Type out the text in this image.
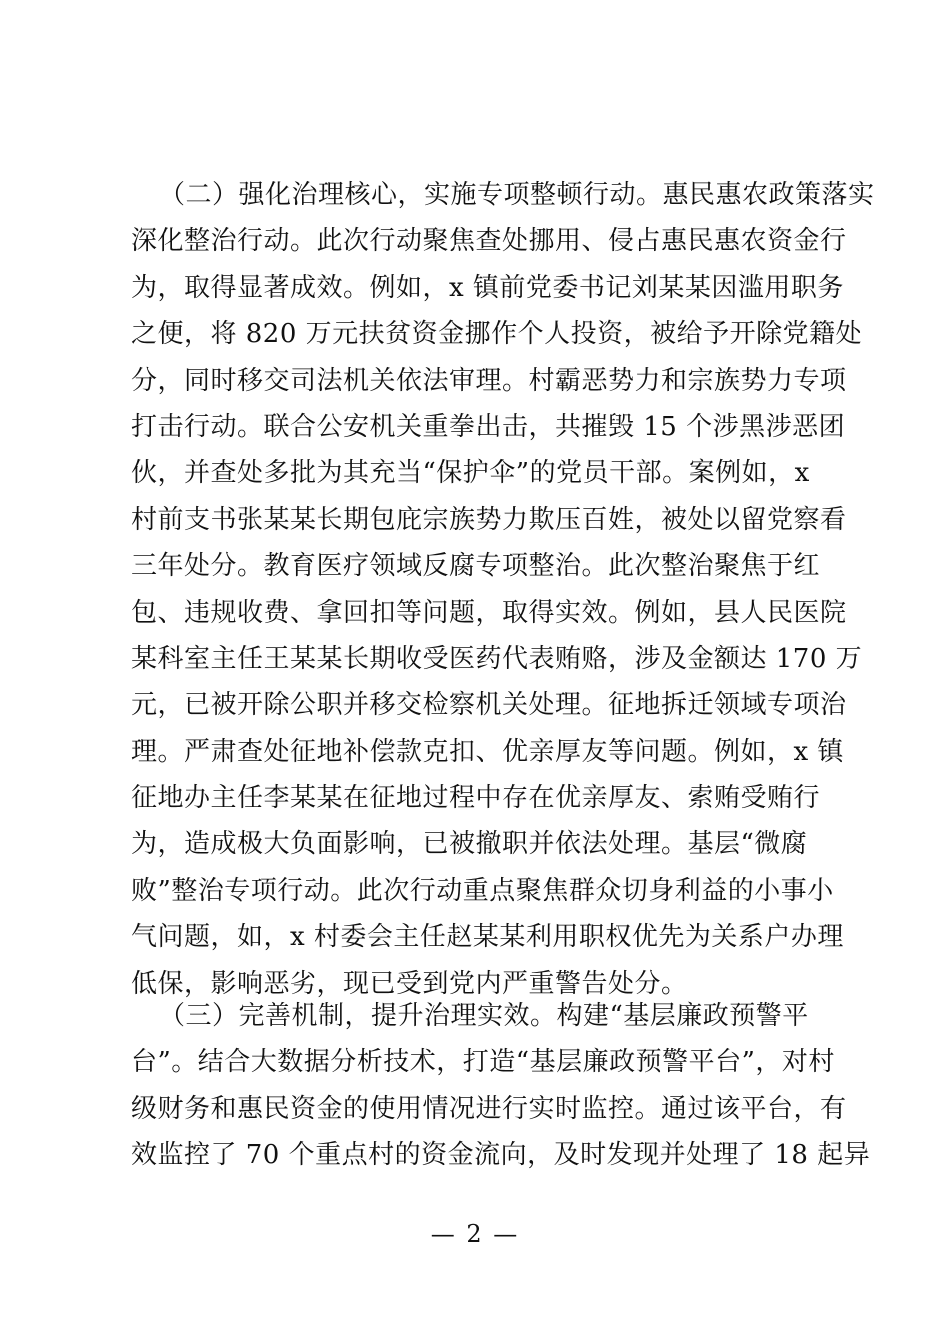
（二）强化治理核心，实施专项整顿行动。惠民惠农政策落实
深化整治行动。此次行动聚焦查处挪用、侵占惠民惠农资金行
为，取得显著成效。例如，x 镇前党委书记刘某某因滥用职务
之便，将 820 万元扶贫资金挪作个人投资，被给予开除党籍处
分，同时移交司法机关依法审理。村霸恶势力和宗族势力专项
打击行动。联合公安机关重拳出击，共摧毁 15 个涉黑涉恶团
伙，并查处多批为其充当“保护伞”的党员干部。案例如，x
村前支书张某某长期包庇宗族势力欺压百姓，被处以留党察看
三年处分。教育医疗领域反腐专项整治。此次整治聚焦于红
包、违规收费、拿回扣等问题，取得实效。例如，县人民医院
某科室主任王某某长期收受医药代表贿赂，涉及金额达 170 万
元，已被开除公职并移交检察机关处理。征地拆迁领域专项治
理。严肃查处征地补偿款克扣、优亲厚友等问题。例如，x 镇
征地办主任李某某在征地过程中存在优亲厚友、索贿受贿行
为，造成极大负面影响，已被撤职并依法处理。基层“微腐
败”整治专项行动。此次行动重点聚焦群众切身利益的小事小
气问题，如，x 村委会主任赵某某利用职权优先为关系户办理
低保，影响恶劣，现已受到党内严重警告处分。
（三）完善机制，提升治理实效。构建“基层廉政预警平
台”。结合大数据分析技术，打造“基层廉政预警平台”，对村
级财务和惠民资金的使用情况进行实时监控。通过该平台，有
效监控了 70 个重点村的资金流向，及时发现并处理了 18 起异
— 2 —
